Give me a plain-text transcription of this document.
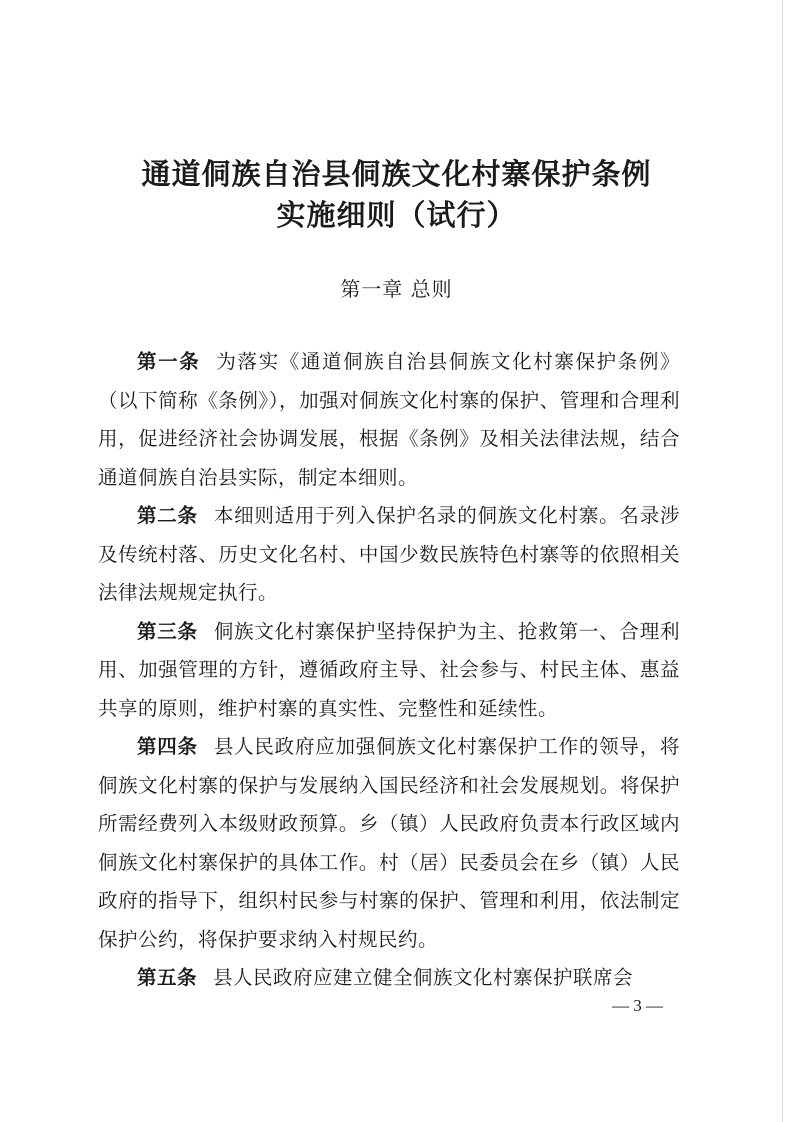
通道侗族自治县侗族文化村寨保护条例
实施细则（试行）
第一章 总则

第一条 为落实《通道侗族自治县侗族文化村寨保护条例》（以下简称《条例》），加强对侗族文化村寨的保护、管理和合理利用，促进经济社会协调发展，根据《条例》及相关法律法规，结合通道侗族自治县实际，制定本细则。

第二条 本细则适用于列入保护名录的侗族文化村寨。名录涉及传统村落、历史文化名村、中国少数民族特色村寨等的依照相关法律法规规定执行。

第三条 侗族文化村寨保护坚持保护为主、抢救第一、合理利用、加强管理的方针，遵循政府主导、社会参与、村民主体、惠益共享的原则，维护村寨的真实性、完整性和延续性。

第四条 县人民政府应加强侗族文化村寨保护工作的领导，将侗族文化村寨的保护与发展纳入国民经济和社会发展规划。将保护所需经费列入本级财政预算。乡（镇）人民政府负责本行政区域内侗族文化村寨保护的具体工作。村（居）民委员会在乡（镇）人民政府的指导下，组织村民参与村寨的保护、管理和利用，依法制定保护公约，将保护要求纳入村规民约。

第五条 县人民政府应建立健全侗族文化村寨保护联席会

— 3 —
